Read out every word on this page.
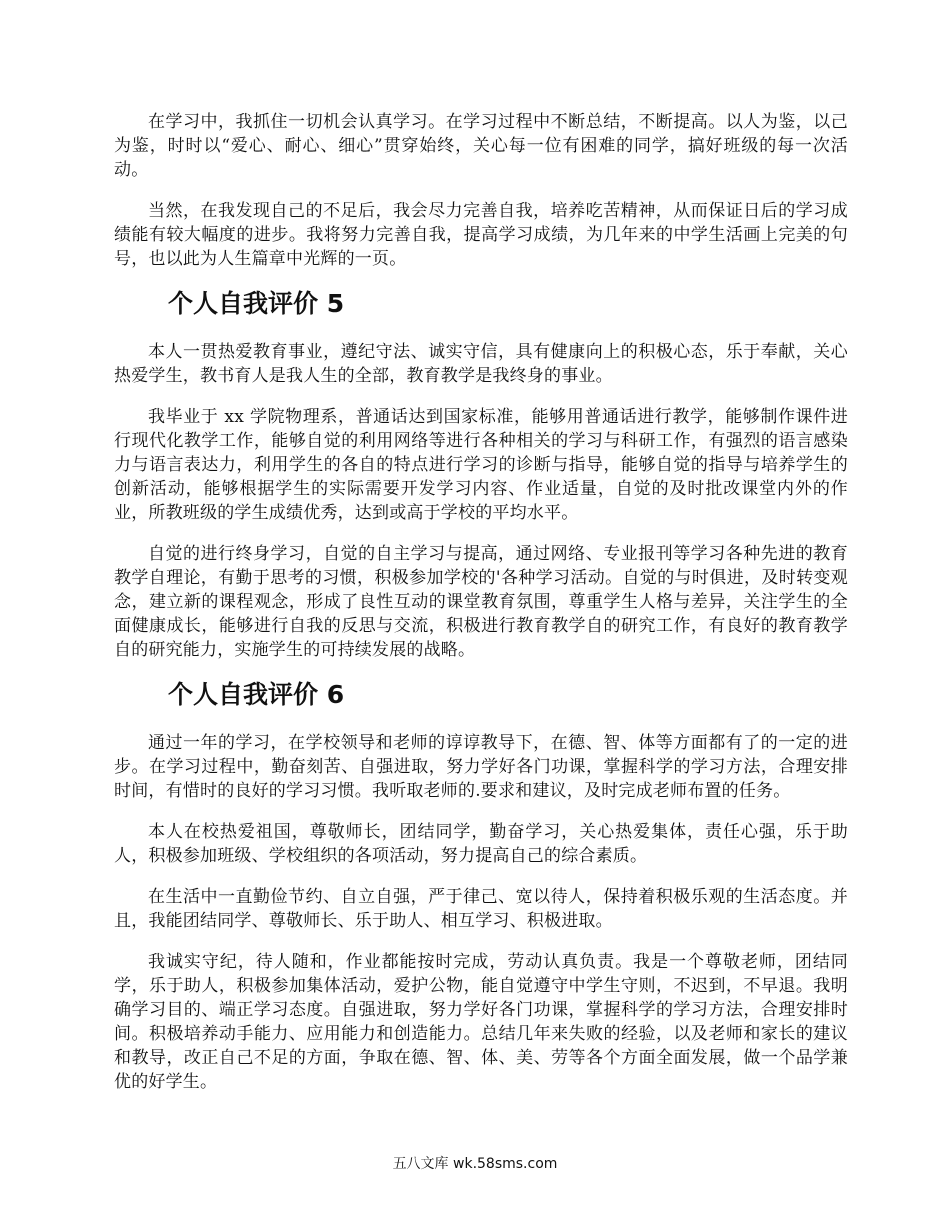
在学习中，我抓住一切机会认真学习。在学习过程中不断总结，不断提高。以人为鉴，以己为鉴，时时以“爱心、耐心、细心”贯穿始终，关心每一位有困难的同学，搞好班级的每一次活动。

当然，在我发现自己的不足后，我会尽力完善自我，培养吃苦精神，从而保证日后的学习成绩能有较大幅度的进步。我将努力完善自我，提高学习成绩，为几年来的中学生活画上完美的句号，也以此为人生篇章中光辉的一页。

个人自我评价 5

本人一贯热爱教育事业，遵纪守法、诚实守信，具有健康向上的积极心态，乐于奉献，关心热爱学生，教书育人是我人生的全部，教育教学是我终身的事业。

我毕业于 xx 学院物理系，普通话达到国家标准，能够用普通话进行教学，能够制作课件进行现代化教学工作，能够自觉的利用网络等进行各种相关的学习与科研工作，有强烈的语言感染力与语言表达力，利用学生的各自的特点进行学习的诊断与指导，能够自觉的指导与培养学生的创新活动，能够根据学生的实际需要开发学习内容、作业适量，自觉的及时批改课堂内外的作业，所教班级的学生成绩优秀，达到或高于学校的平均水平。

自觉的进行终身学习，自觉的自主学习与提高，通过网络、专业报刊等学习各种先进的教育教学自理论，有勤于思考的习惯，积极参加学校的'各种学习活动。自觉的与时俱进，及时转变观念，建立新的课程观念，形成了良性互动的课堂教育氛围，尊重学生人格与差异，关注学生的全面健康成长，能够进行自我的反思与交流，积极进行教育教学自的研究工作，有良好的教育教学自的研究能力，实施学生的可持续发展的战略。

个人自我评价 6

通过一年的学习，在学校领导和老师的谆谆教导下，在德、智、体等方面都有了的一定的进步。在学习过程中，勤奋刻苦、自强进取，努力学好各门功课，掌握科学的学习方法，合理安排时间，有惜时的良好的学习习惯。我听取老师的.要求和建议，及时完成老师布置的任务。

本人在校热爱祖国，尊敬师长，团结同学，勤奋学习，关心热爱集体，责任心强，乐于助人，积极参加班级、学校组织的各项活动，努力提高自己的综合素质。

在生活中一直勤俭节约、自立自强，严于律己、宽以待人，保持着积极乐观的生活态度。并且，我能团结同学、尊敬师长、乐于助人、相互学习、积极进取。

我诚实守纪，待人随和，作业都能按时完成，劳动认真负责。我是一个尊敬老师，团结同学，乐于助人，积极参加集体活动，爱护公物，能自觉遵守中学生守则，不迟到，不早退。我明确学习目的、端正学习态度。自强进取，努力学好各门功课，掌握科学的学习方法，合理安排时间。积极培养动手能力、应用能力和创造能力。总结几年来失败的经验，以及老师和家长的建议和教导，改正自己不足的方面，争取在德、智、体、美、劳等各个方面全面发展，做一个品学兼优的好学生。

五八文库 wk.58sms.com
